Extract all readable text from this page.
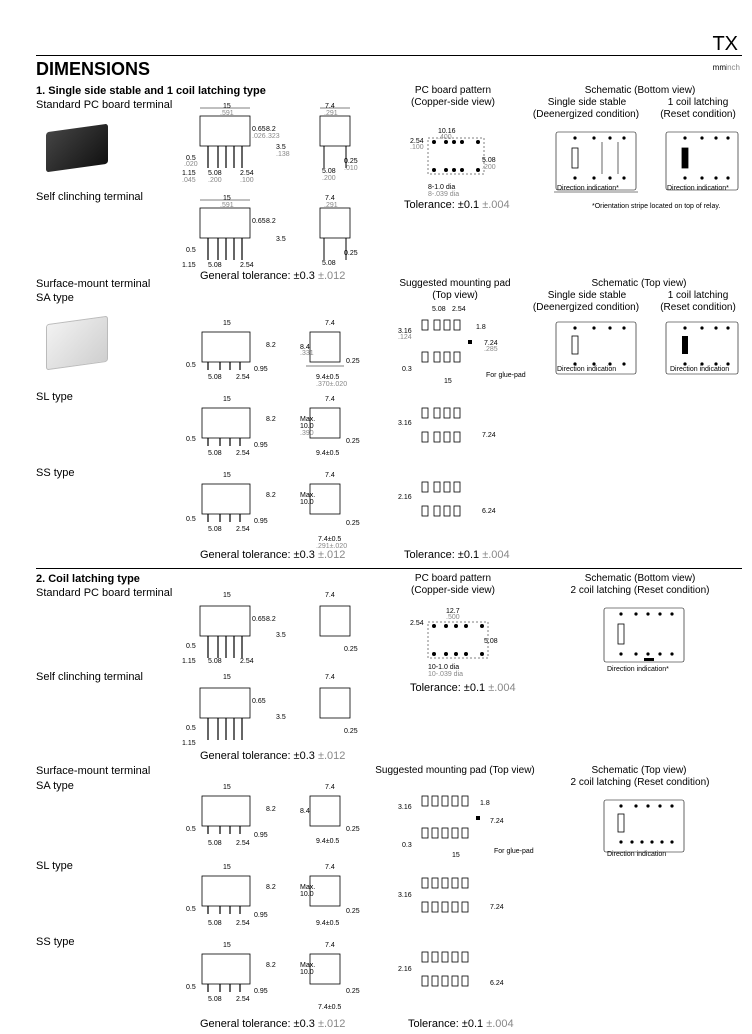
TX
DIMENSIONS	mm inch
1. Single side stable and 1 coil latching type
Standard PC board terminal
Self clinching terminal
15
.591
7.4
.291
0.65
.026
8.2
.323
3.5
.138
0.5
.020
1.15
.045
5.08
.200
2.54
.100
0.25
.010
5.08
.200
15
.591
7.4
.291
0.65 8.2
3.5
0.5
1.15 5.08	2.54
0.25
5.08
General tolerance: ±0.3 ±.012
PC board pattern
(Copper-side view)
10.16
.400
2.54
.100
5.08
.200
8-1.0 dia
8-.039 dia
Tolerance: ±0.1 ±.004
Schematic (Bottom view)
Single side stable
(Deenergized condition)
1 coil latching
(Reset condition)
Direction indication*	Direction indication*
*Orientation stripe located on top of relay.
Surface-mount terminal
SA type
SL type
SS type
15
8.2
7.4
8.4
.331
0.5
5.08 2.54
0.95
9.4±0.5
.370±.020
0.25
15
8.2
7.4
Max.
10.0
.390
0.5
5.08 2.54
0.95
9.4±0.5
0.25
15
8.2
7.4
Max.
10.0
0.5
5.08 2.54
0.95
7.4±0.5
.291±.020
0.25
General tolerance: ±0.3 ±.012
Suggested mounting pad
(Top view)
5.08 2.54
3.16
.124
1.8
7.24
.285
0.3
15
For glue-pad
3.16
7.24
2.16
6.24
Tolerance: ±0.1 ±.004
Schematic (Top view)
Single side stable
(Deenergized condition)
1 coil latching
(Reset condition)
Direction indication	Direction indication
2. Coil latching type
Standard PC board terminal
Self clinching terminal
15	7.4
0.65 8.2
3.5
0.5
1.15 5.08	2.54
0.25
15	7.4
0.65
3.5
0.5
1.15
0.25
General tolerance: ±0.3 ±.012
PC board pattern
(Copper-side view)
12.7
.500
2.54
5.08
10-1.0 dia
10-.039 dia
Tolerance: ±0.1 ±.004
Schematic (Bottom view)
2 coil latching (Reset condition)
Direction indication*
Surface-mount terminal
SA type
SL type
SS type
15	7.4
8.2	8.4
0.5
5.08 2.54
0.95
9.4±0.5
0.25
15	7.4
8.2	Max.
10.0
0.5
5.08 2.54
0.95
9.4±0.5
0.25
15	7.4
8.2	Max.
10.0
0.5
5.08 2.54
0.95
7.4±0.5
0.25
General tolerance: ±0.3 ±.012
Suggested mounting pad (Top view)
3.16
1.8
7.24
0.3
15
For glue-pad
3.16
7.24
2.16
6.24
Tolerance: ±0.1 ±.004
Schematic (Top view)
2 coil latching (Reset condition)
Direction indication
